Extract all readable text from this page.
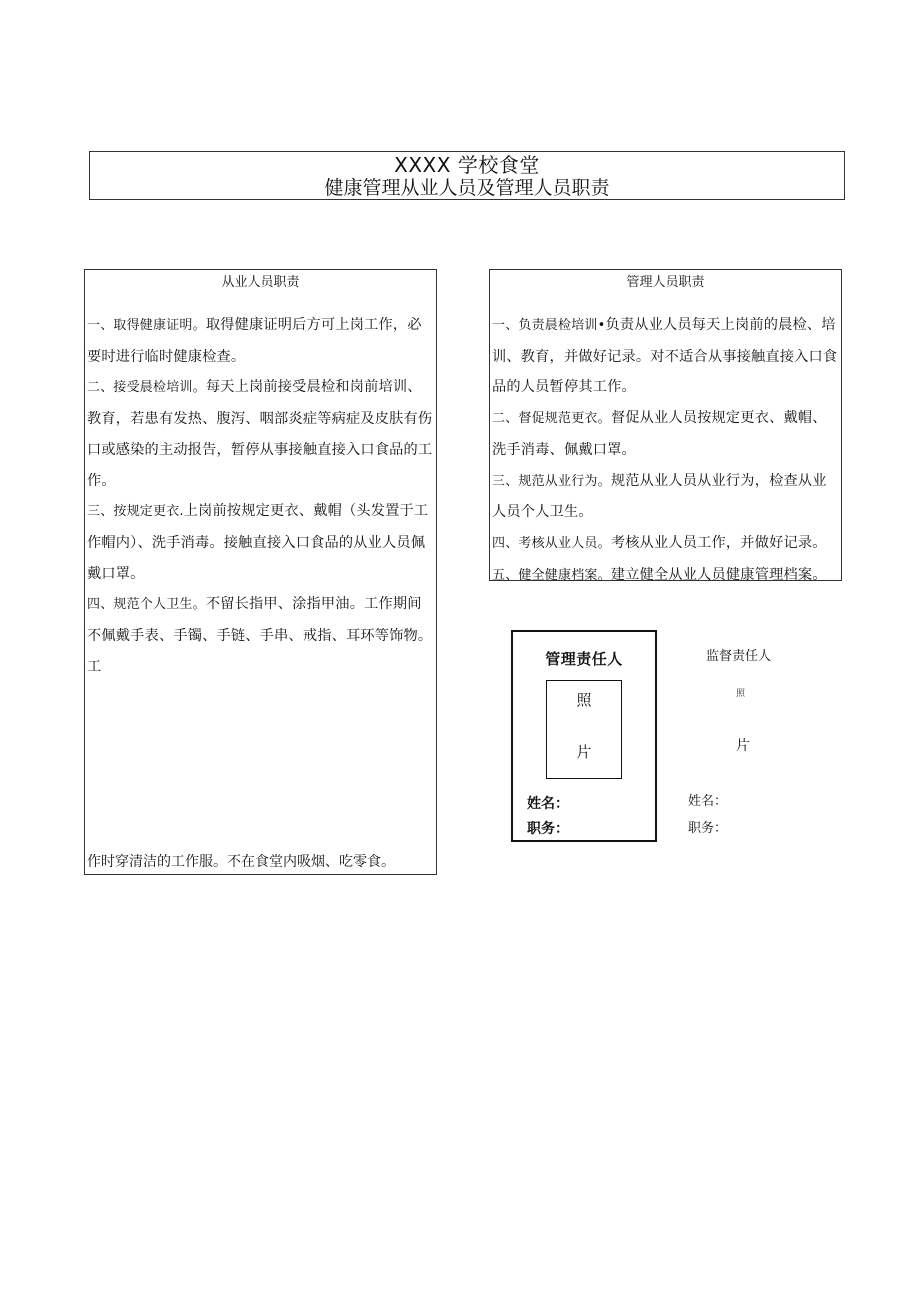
XXXX 学校食堂
健康管理从业人员及管理人员职责
从业人员职责
一、取得健康证明。取得健康证明后方可上岗工作，必要时进行临时健康检查。
二、接受晨检培训。每天上岗前接受晨检和岗前培训、教育，若患有发热、腹泻、咽部炎症等病症及皮肤有伤口或感染的主动报告，暂停从事接触直接入口食品的工作。
三、按规定更衣.上岗前按规定更衣、戴帽（头发置于工作帽内）、洗手消毒。接触直接入口食品的从业人员佩戴口罩。
四、规范个人卫生。不留长指甲、涂指甲油。工作期间不佩戴手表、手镯、手链、手串、戒指、耳环等饰物。工
作时穿清洁的工作服。不在食堂内吸烟、吃零食。
管理人员职责
一、负责晨检培训•负责从业人员每天上岗前的晨检、培训、教育，并做好记录。对不适合从事接触直接入口食品的人员暂停其工作。
二、督促规范更衣。督促从业人员按规定更衣、戴帽、洗手消毒、佩戴口罩。
三、规范从业行为。规范从业人员从业行为，检查从业人员个人卫生。
四、考核从业人员。考核从业人员工作，并做好记录。
五、健全健康档案。建立健全从业人员健康管理档案。
管理责任人
照
片
姓名：
职务：
监督责任人
照
片
姓名：
职务：
